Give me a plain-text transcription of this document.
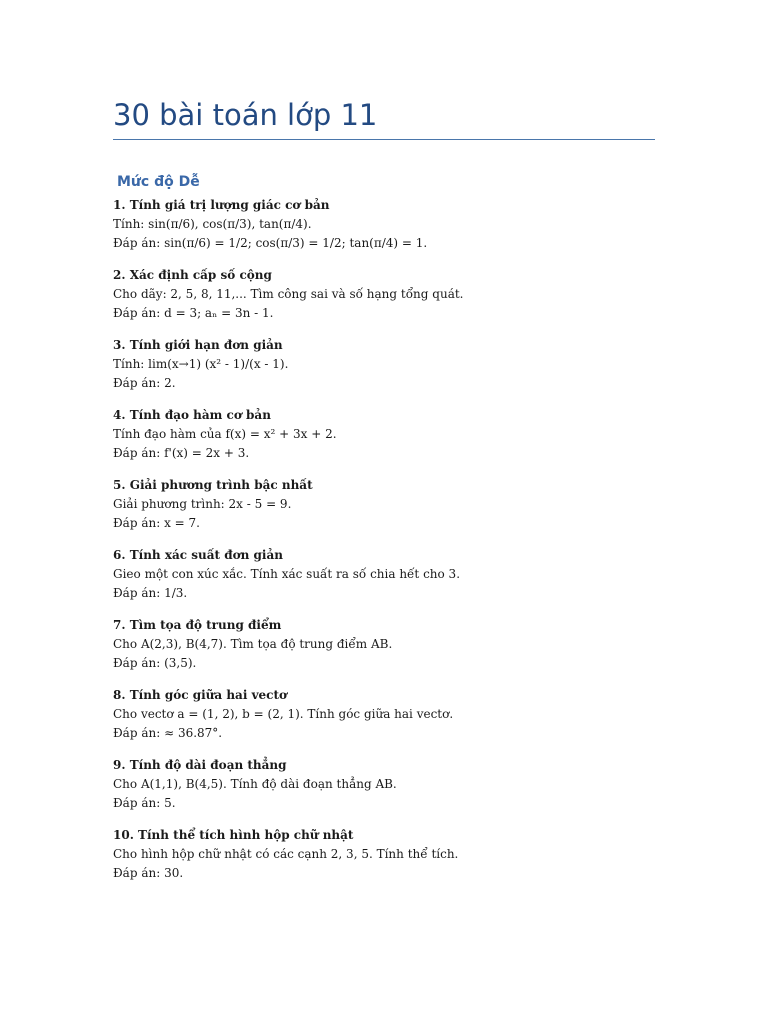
30 bài toán lớp 11
Mức độ Dễ
1. Tính giá trị lượng giác cơ bản
Tính: sin(π/6), cos(π/3), tan(π/4).
Đáp án: sin(π/6) = 1/2; cos(π/3) = 1/2; tan(π/4) = 1.
2. Xác định cấp số cộng
Cho dãy: 2, 5, 8, 11,... Tìm công sai và số hạng tổng quát.
Đáp án: d = 3; aₙ = 3n - 1.
3. Tính giới hạn đơn giản
Tính: lim(x→1) (x² - 1)/(x - 1).
Đáp án: 2.
4. Tính đạo hàm cơ bản
Tính đạo hàm của f(x) = x² + 3x + 2.
Đáp án: f'(x) = 2x + 3.
5. Giải phương trình bậc nhất
Giải phương trình: 2x - 5 = 9.
Đáp án: x = 7.
6. Tính xác suất đơn giản
Gieo một con xúc xắc. Tính xác suất ra số chia hết cho 3.
Đáp án: 1/3.
7. Tìm tọa độ trung điểm
Cho A(2,3), B(4,7). Tìm tọa độ trung điểm AB.
Đáp án: (3,5).
8. Tính góc giữa hai vectơ
Cho vectơ a = (1, 2), b = (2, 1). Tính góc giữa hai vectơ.
Đáp án: ≈ 36.87°.
9. Tính độ dài đoạn thẳng
Cho A(1,1), B(4,5). Tính độ dài đoạn thẳng AB.
Đáp án: 5.
10. Tính thể tích hình hộp chữ nhật
Cho hình hộp chữ nhật có các cạnh 2, 3, 5. Tính thể tích.
Đáp án: 30.
